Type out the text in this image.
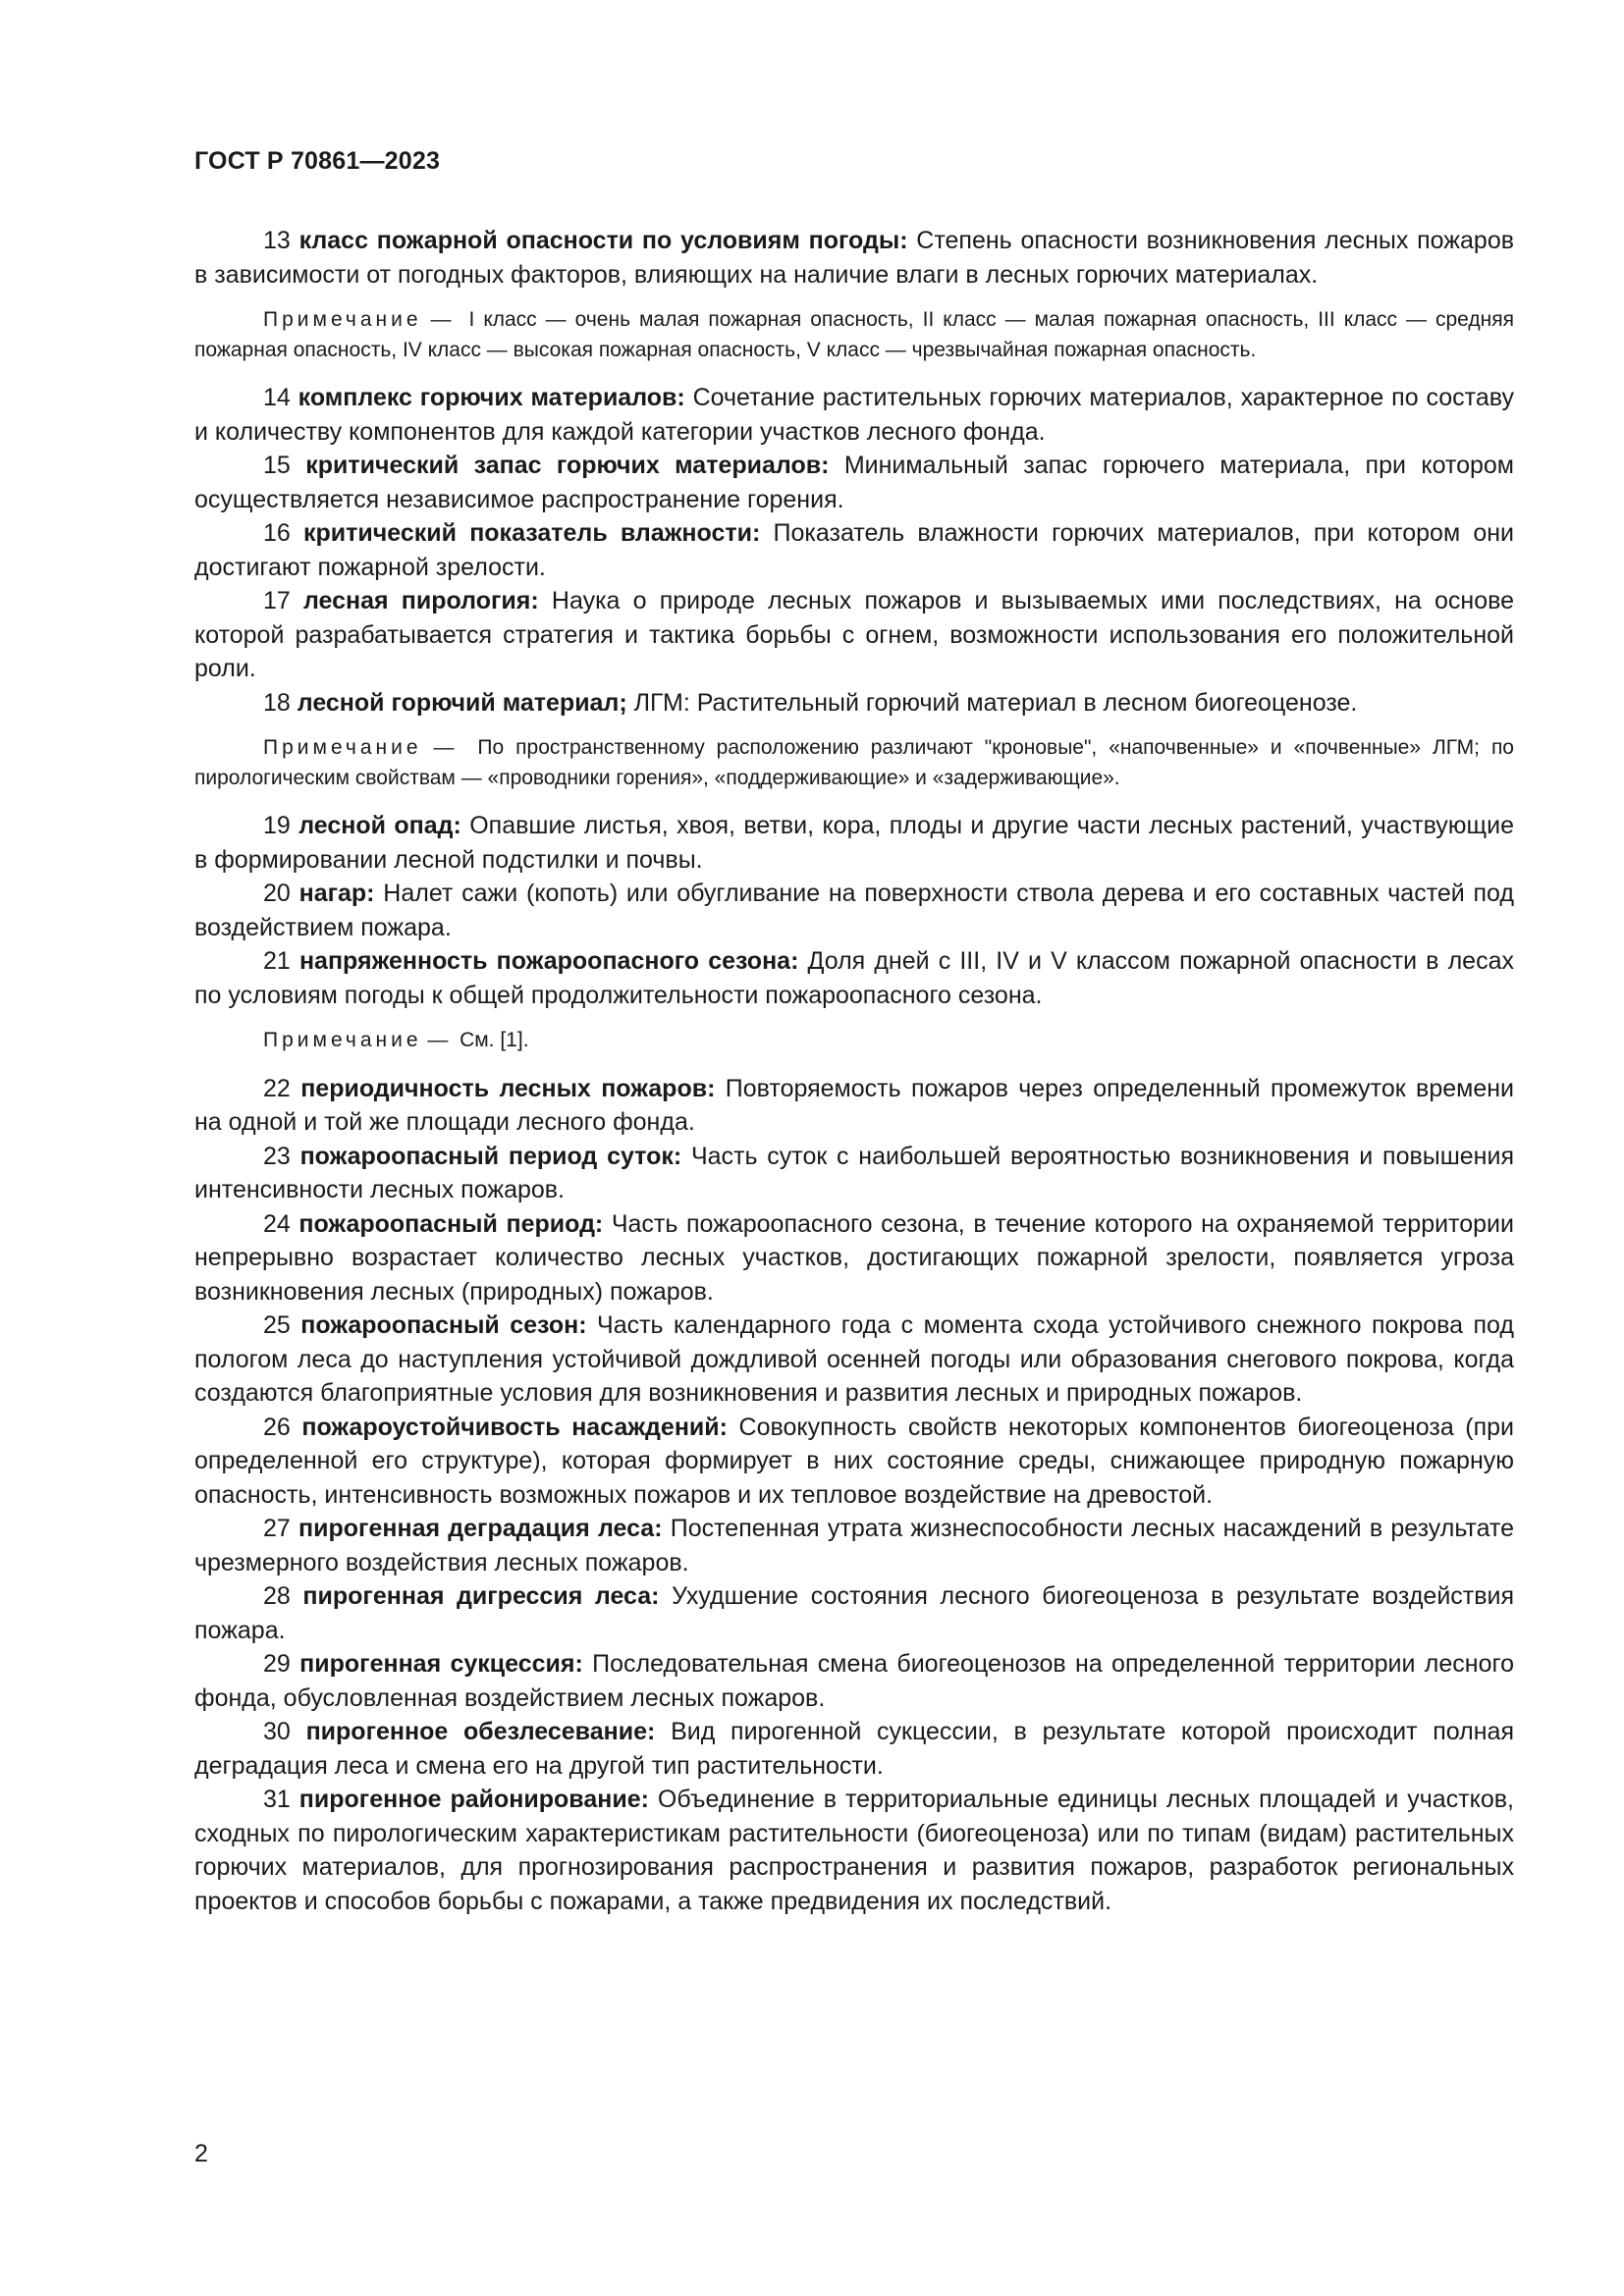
ГОСТ Р 70861—2023

13 класс пожарной опасности по условиям погоды: Степень опасности возникновения лесных пожаров в зависимости от погодных факторов, влияющих на наличие влаги в лесных горючих материалах.

Примечание — I класс — очень малая пожарная опасность, II класс — малая пожарная опасность, III класс — средняя пожарная опасность, IV класс — высокая пожарная опасность, V класс — чрезвычайная пожарная опасность.

14 комплекс горючих материалов: Сочетание растительных горючих материалов, характерное по составу и количеству компонентов для каждой категории участков лесного фонда.

15 критический запас горючих материалов: Минимальный запас горючего материала, при котором осуществляется независимое распространение горения.

16 критический показатель влажности: Показатель влажности горючих материалов, при котором они достигают пожарной зрелости.

17 лесная пирология: Наука о природе лесных пожаров и вызываемых ими последствиях, на основе которой разрабатывается стратегия и тактика борьбы с огнем, возможности использования его положительной роли.

18 лесной горючий материал; ЛГМ: Растительный горючий материал в лесном биогеоценозе.

Примечание — По пространственному расположению различают "кроновые", «напочвенные» и «почвенные» ЛГМ; по пирологическим свойствам — «проводники горения», «поддерживающие» и «задерживающие».

19 лесной опад: Опавшие листья, хвоя, ветви, кора, плоды и другие части лесных растений, участвующие в формировании лесной подстилки и почвы.

20 нагар: Налет сажи (копоть) или обугливание на поверхности ствола дерева и его составных частей под воздействием пожара.

21 напряженность пожароопасного сезона: Доля дней с III, IV и V классом пожарной опасности в лесах по условиям погоды к общей продолжительности пожароопасного сезона.

Примечание — См. [1].

22 периодичность лесных пожаров: Повторяемость пожаров через определенный промежуток времени на одной и той же площади лесного фонда.

23 пожароопасный период суток: Часть суток с наибольшей вероятностью возникновения и повышения интенсивности лесных пожаров.

24 пожароопасный период: Часть пожароопасного сезона, в течение которого на охраняемой территории непрерывно возрастает количество лесных участков, достигающих пожарной зрелости, появляется угроза возникновения лесных (природных) пожаров.

25 пожароопасный сезон: Часть календарного года с момента схода устойчивого снежного покрова под пологом леса до наступления устойчивой дождливой осенней погоды или образования снегового покрова, когда создаются благоприятные условия для возникновения и развития лесных и природных пожаров.

26 пожароустойчивость насаждений: Совокупность свойств некоторых компонентов биогеоценоза (при определенной его структуре), которая формирует в них состояние среды, снижающее природную пожарную опасность, интенсивность возможных пожаров и их тепловое воздействие на древостой.

27 пирогенная деградация леса: Постепенная утрата жизнеспособности лесных насаждений в результате чрезмерного воздействия лесных пожаров.

28 пирогенная дигрессия леса: Ухудшение состояния лесного биогеоценоза в результате воздействия пожара.

29 пирогенная сукцессия: Последовательная смена биогеоценозов на определенной территории лесного фонда, обусловленная воздействием лесных пожаров.

30 пирогенное обезлесевание: Вид пирогенной сукцессии, в результате которой происходит полная деградация леса и смена его на другой тип растительности.

31 пирогенное районирование: Объединение в территориальные единицы лесных площадей и участков, сходных по пирологическим характеристикам растительности (биогеоценоза) или по типам (видам) растительных горючих материалов, для прогнозирования распространения и развития пожаров, разработок региональных проектов и способов борьбы с пожарами, а также предвидения их последствий.

2
